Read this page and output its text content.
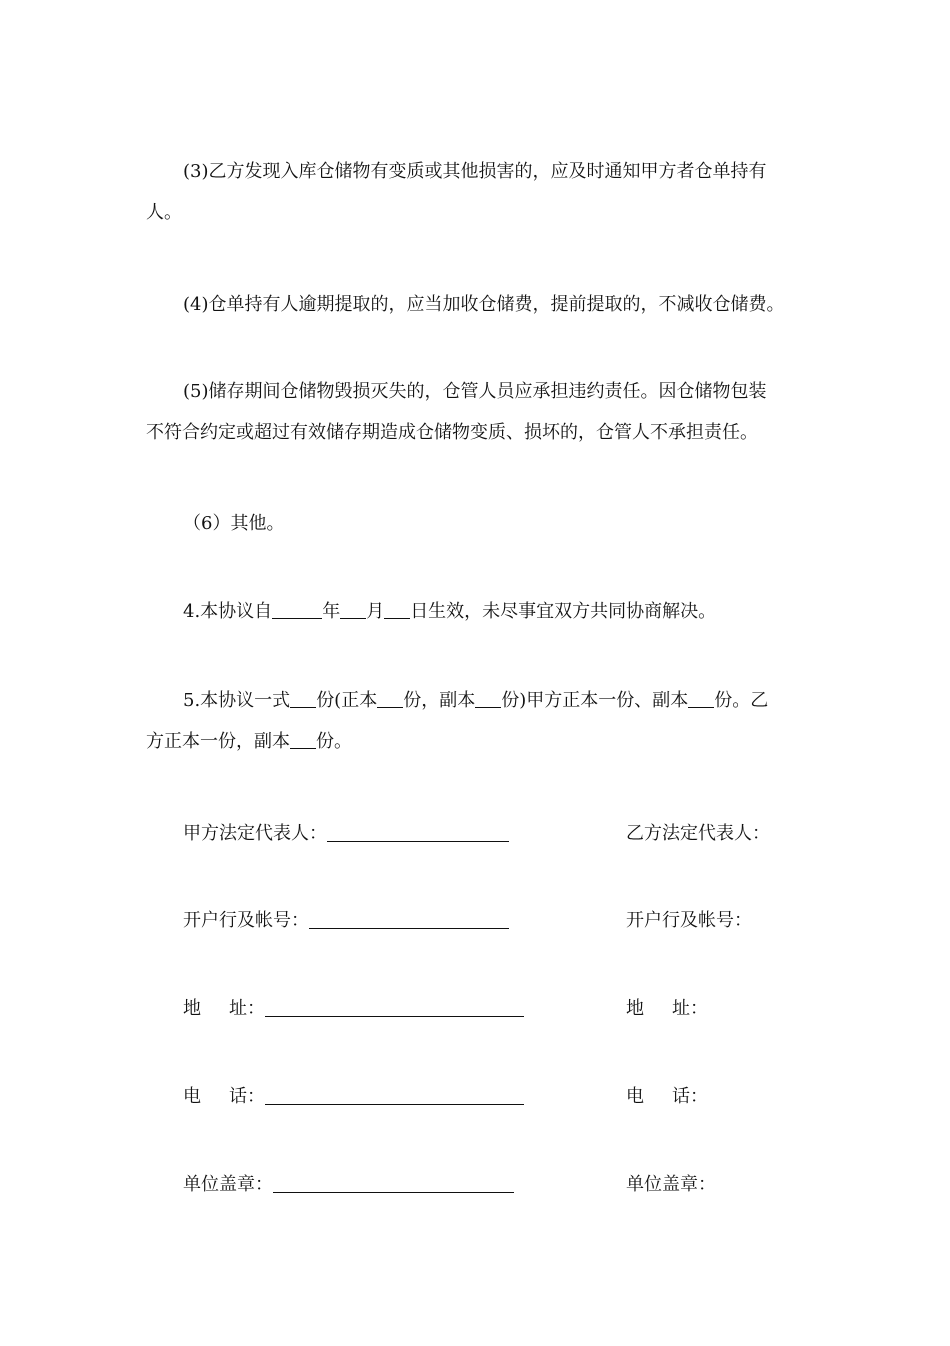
(3)乙方发现入库仓储物有变质或其他损害的，应及时通知甲方者仓单持有
人。
(4)仓单持有人逾期提取的，应当加收仓储费，提前提取的，不减收仓储费。
(5)储存期间仓储物毁损灭失的，仓管人员应承担违约责任。因仓储物包装
不符合约定或超过有效储存期造成仓储物变质、损坏的，仓管人不承担责任。
（6）其他。
4.本协议自	年 月 日生效，未尽事宜双方共同协商解决。
5.本协议一式 份(正本 份，副本 份)甲方正本一份、副本 份。乙
方正本一份，副本 份。
甲方法定代表人：
开户行及帐号：
地 址：
电 话：
单位盖章：
乙方法定代表人：
开户行及帐号：
地 址：
电 话：
单位盖章：
